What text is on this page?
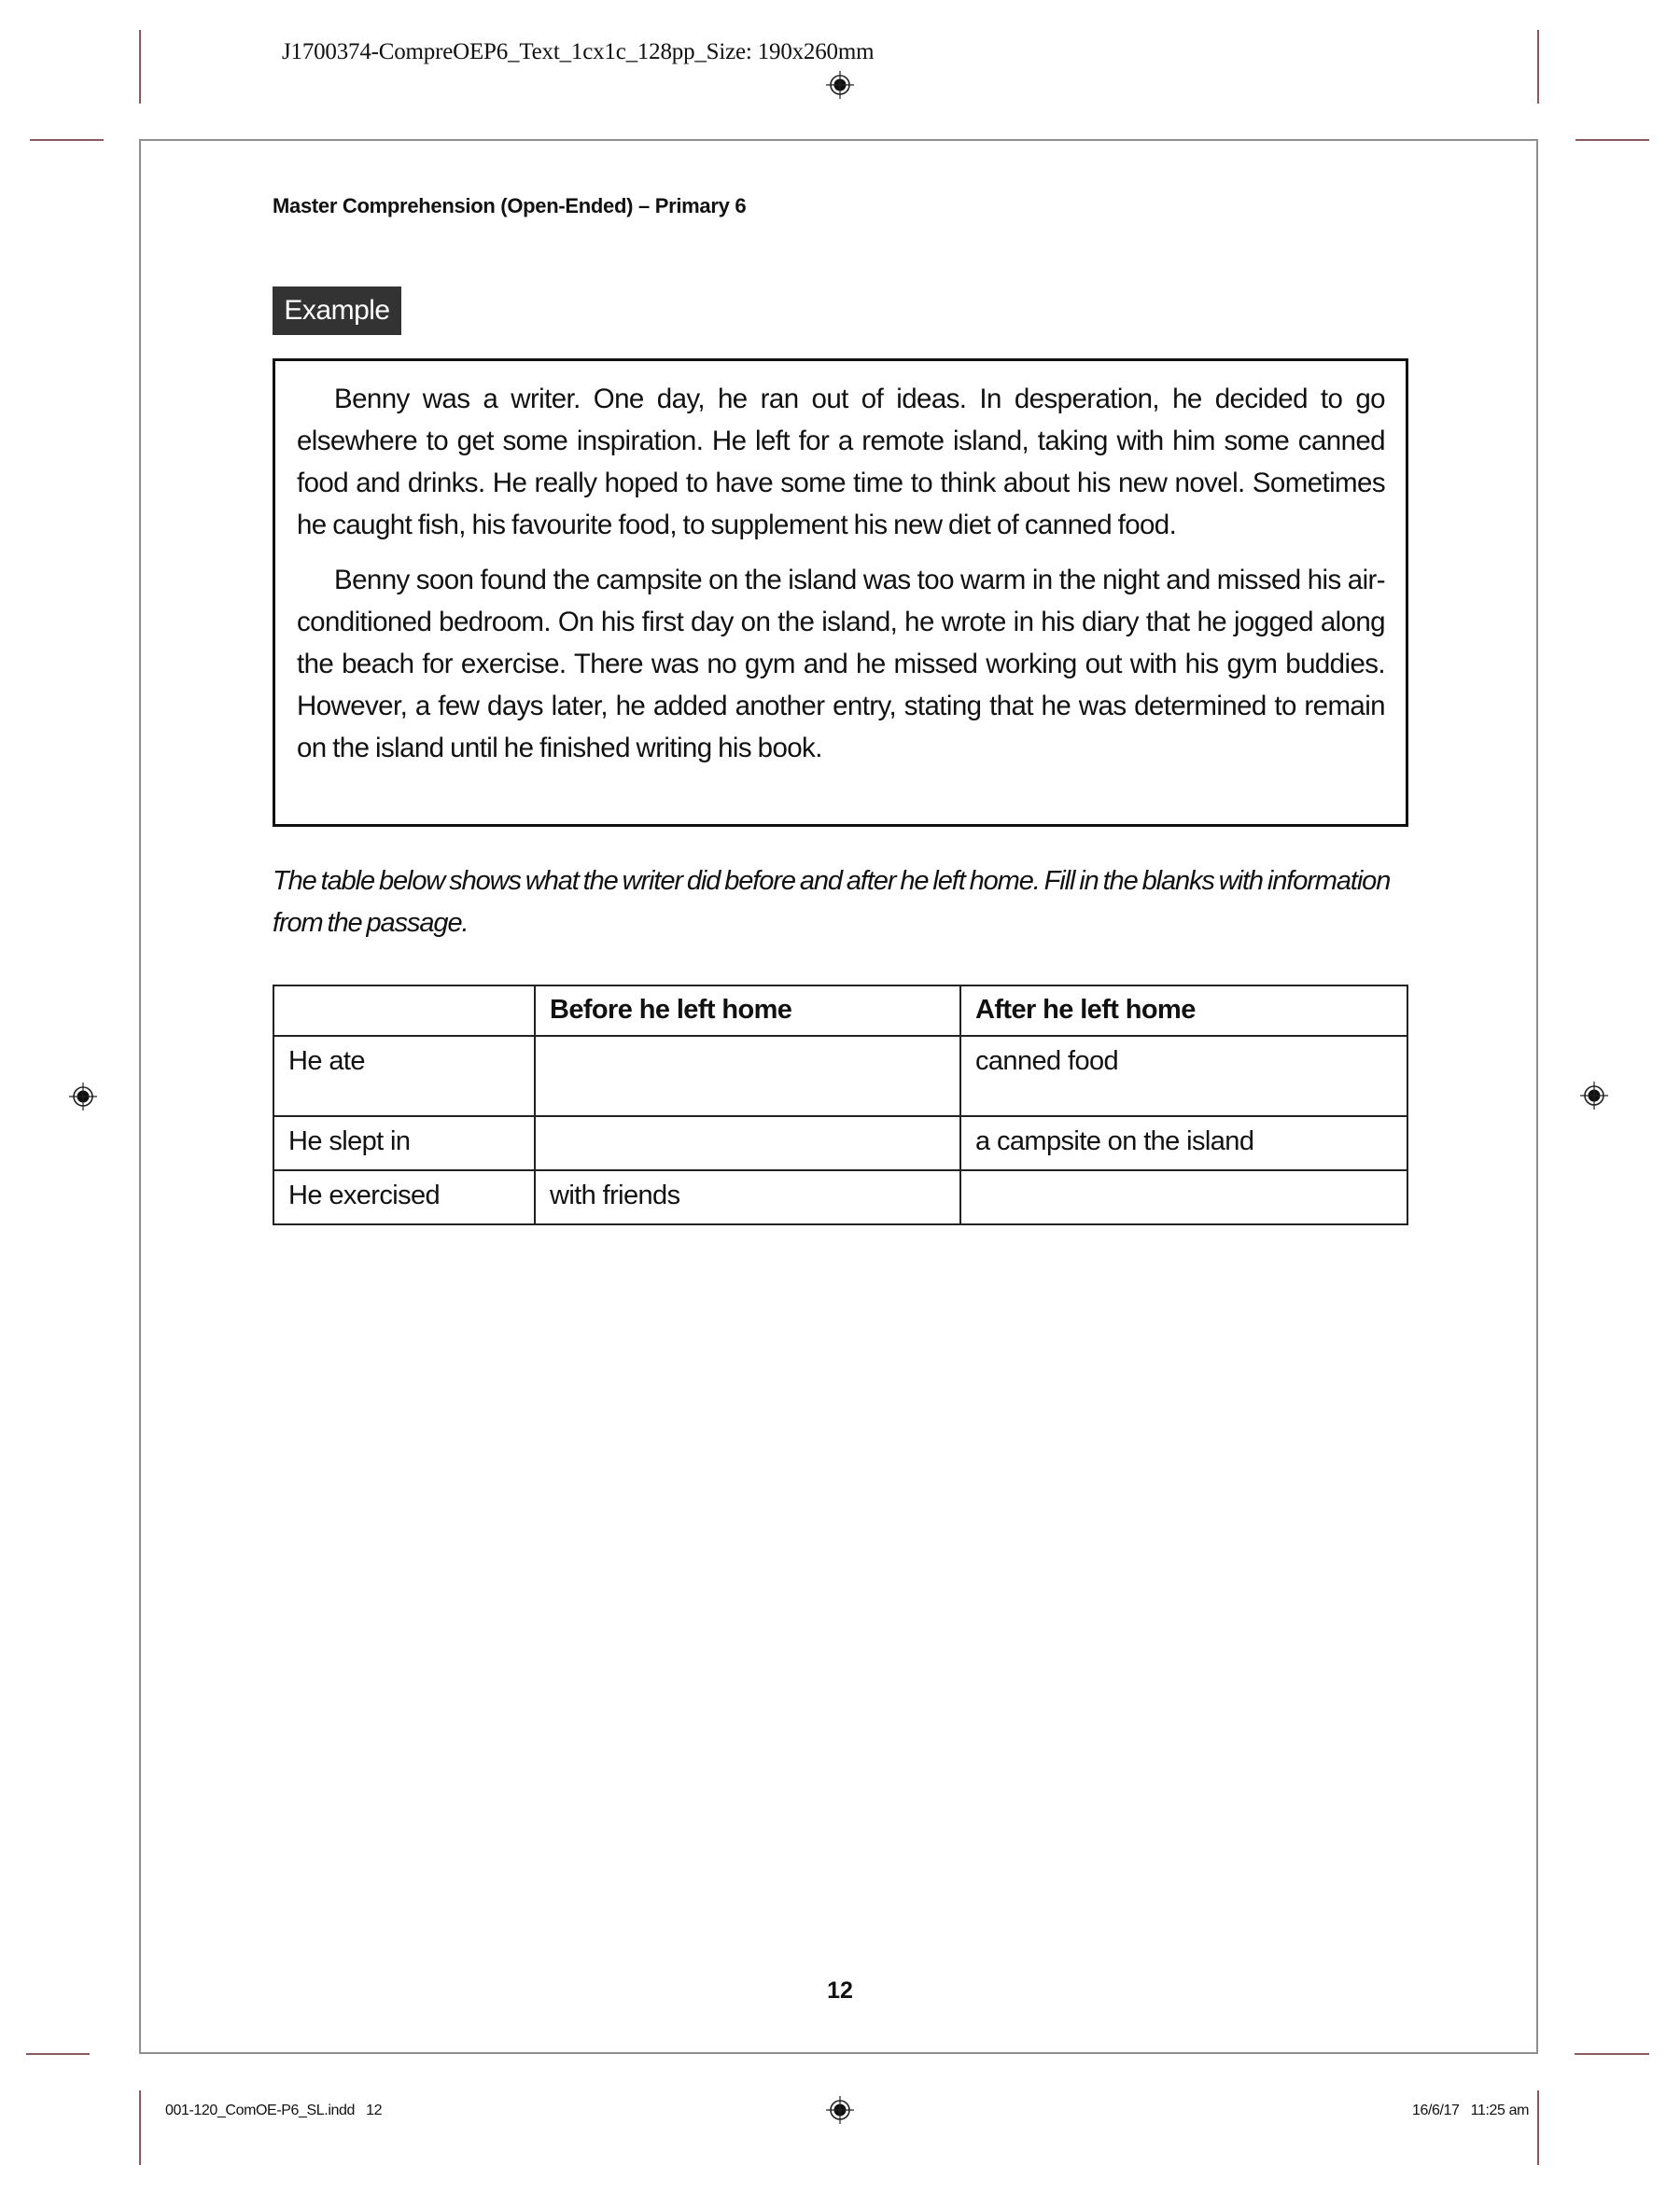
J1700374-CompreOEP6_Text_1cx1c_128pp_Size: 190x260mm
Master Comprehension (Open-Ended) – Primary 6
Example

Benny was a writer. One day, he ran out of ideas. In desperation, he decided to go elsewhere to get some inspiration. He left for a remote island, taking with him some canned food and drinks. He really hoped to have some time to think about his new novel. Sometimes he caught fish, his favourite food, to supplement his new diet of canned food.

Benny soon found the campsite on the island was too warm in the night and missed his air-conditioned bedroom. On his first day on the island, he wrote in his diary that he jogged along the beach for exercise. There was no gym and he missed working out with his gym buddies. However, a few days later, he added another entry, stating that he was determined to remain on the island until he finished writing his book.

The table below shows what the writer did before and after he left home. Fill in the blanks with information from the passage.
	Before he left home	After he left home
He ate		canned food
He slept in		a campsite on the island
He exercised	with friends	
12
001-120_ComOE-P6_SL.indd   12	16/6/17   11:25 am
